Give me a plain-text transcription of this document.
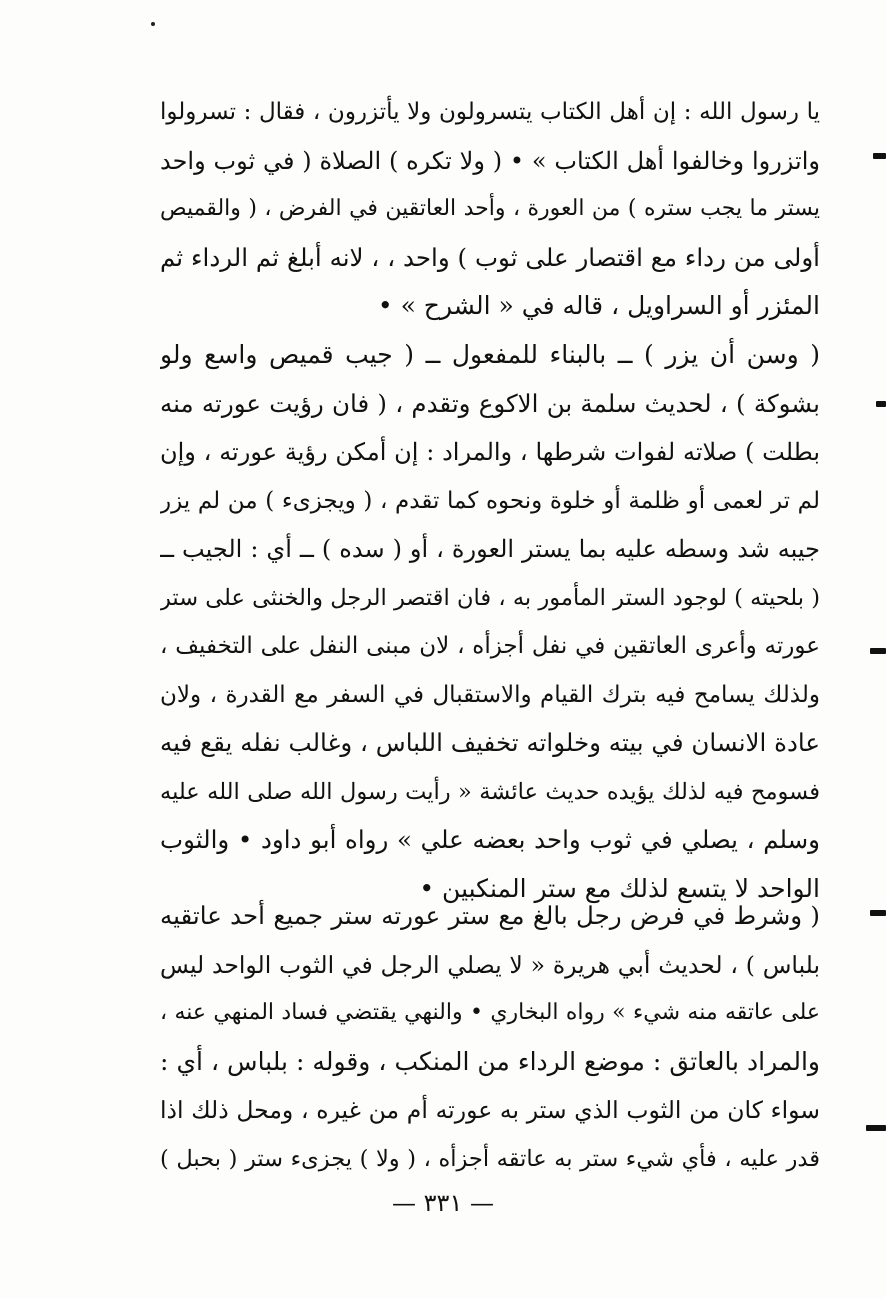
يا رسول الله : إن أهل الكتاب يتسرولون ولا يأتزرون ، فقال : تسرولوا
واتزروا وخالفوا أهل الكتاب » • ( ولا تكره ) الصلاة ( في ثوب واحد
يستر ما يجب ستره ) من العورة ، وأحد العاتقين في الفرض ، ( والقميص
أولى من رداء مع اقتصار على ثوب ) واحد ، ، لانه أبلغ ثم الرداء ثم
المئزر أو السراويل ، قاله في « الشرح » •
( وسن أن يزر ) ــ بالبناء للمفعول ــ ( جيب قميص واسع ولو
بشوكة ) ، لحديث سلمة بن الاكوع وتقدم ، ( فان رؤيت عورته منه
بطلت ) صلاته لفوات شرطها ، والمراد : إن أمكن رؤية عورته ، وإن
لم تر لعمى أو ظلمة أو خلوة ونحوه كما تقدم ، ( ويجزىء ) من لم يزر
جيبه شد وسطه عليه بما يستر العورة ، أو ( سده ) ــ أي : الجيب ــ
( بلحيته ) لوجود الستر المأمور به ، فان اقتصر الرجل والخنثى على ستر
عورته وأعرى العاتقين في نفل أجزأه ، لان مبنى النفل على التخفيف ،
ولذلك يسامح فيه بترك القيام والاستقبال في السفر مع القدرة ، ولان
عادة الانسان في بيته وخلواته تخفيف اللباس ، وغالب نفله يقع فيه
فسومح فيه لذلك يؤيده حديث عائشة « رأيت رسول الله صلى الله عليه
وسلم ، يصلي في ثوب واحد بعضه علي » رواه أبو داود • والثوب
الواحد لا يتسع لذلك مع ستر المنكبين •
( وشرط في فرض رجل بالغ مع ستر عورته ستر جميع أحد عاتقيه
بلباس ) ، لحديث أبي هريرة « لا يصلي الرجل في الثوب الواحد ليس
على عاتقه منه شيء » رواه البخاري • والنهي يقتضي فساد المنهي عنه ،
والمراد بالعاتق : موضع الرداء من المنكب ، وقوله : بلباس ، أي :
سواء كان من الثوب الذي ستر به عورته أم من غيره ، ومحل ذلك اذا
قدر عليه ، فأي شيء ستر به عاتقه أجزأه ، ( ولا ) يجزىء ستر ( بحبل )
— ٣٣١ —
